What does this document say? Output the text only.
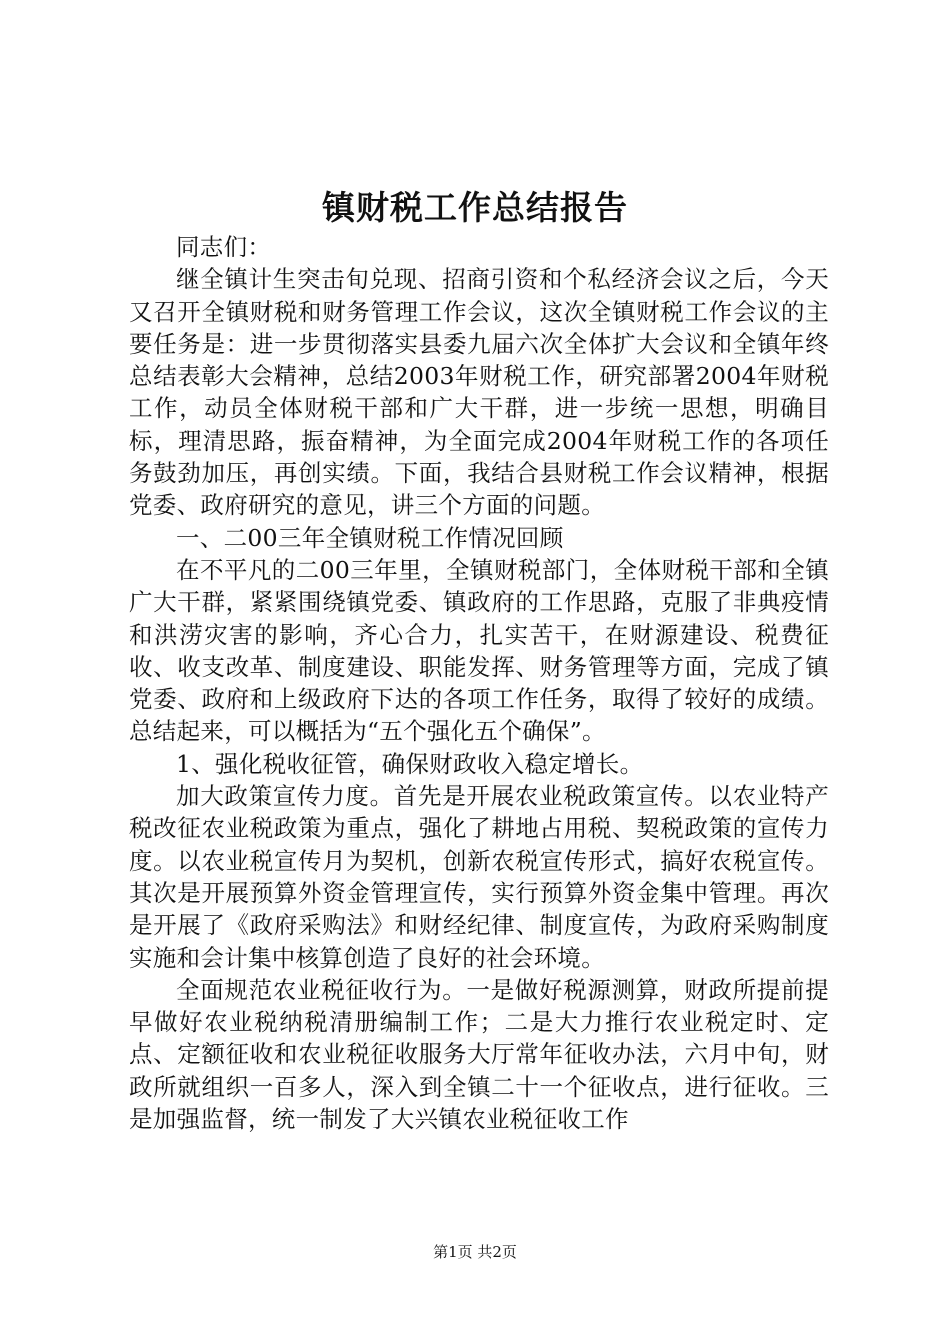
镇财税工作总结报告

同志们：

继全镇计生突击旬兑现、招商引资和个私经济会议之后，今天又召开全镇财税和财务管理工作会议，这次全镇财税工作会议的主要任务是：进一步贯彻落实县委九届六次全体扩大会议和全镇年终总结表彰大会精神，总结2003年财税工作，研究部署2004年财税工作，动员全体财税干部和广大干群，进一步统一思想，明确目标，理清思路，振奋精神，为全面完成2004年财税工作的各项任务鼓劲加压，再创实绩。下面，我结合县财税工作会议精神，根据党委、政府研究的意见，讲三个方面的问题。

一、二00三年全镇财税工作情况回顾

在不平凡的二00三年里，全镇财税部门，全体财税干部和全镇广大干群，紧紧围绕镇党委、镇政府的工作思路，克服了非典疫情和洪涝灾害的影响，齐心合力，扎实苦干，在财源建设、税费征收、收支改革、制度建设、职能发挥、财务管理等方面，完成了镇党委、政府和上级政府下达的各项工作任务，取得了较好的成绩。总结起来，可以概括为“五个强化五个确保”。

1、强化税收征管，确保财政收入稳定增长。

加大政策宣传力度。首先是开展农业税政策宣传。以农业特产税改征农业税政策为重点，强化了耕地占用税、契税政策的宣传力度。以农业税宣传月为契机，创新农税宣传形式，搞好农税宣传。其次是开展预算外资金管理宣传，实行预算外资金集中管理。再次是开展了《政府采购法》和财经纪律、制度宣传，为政府采购制度实施和会计集中核算创造了良好的社会环境。

全面规范农业税征收行为。一是做好税源测算，财政所提前提早做好农业税纳税清册编制工作；二是大力推行农业税定时、定点、定额征收和农业税征收服务大厅常年征收办法，六月中旬，财政所就组织一百多人，深入到全镇二十一个征收点，进行征收。三是加强监督，统一制发了大兴镇农业税征收工作

第1页 共2页
